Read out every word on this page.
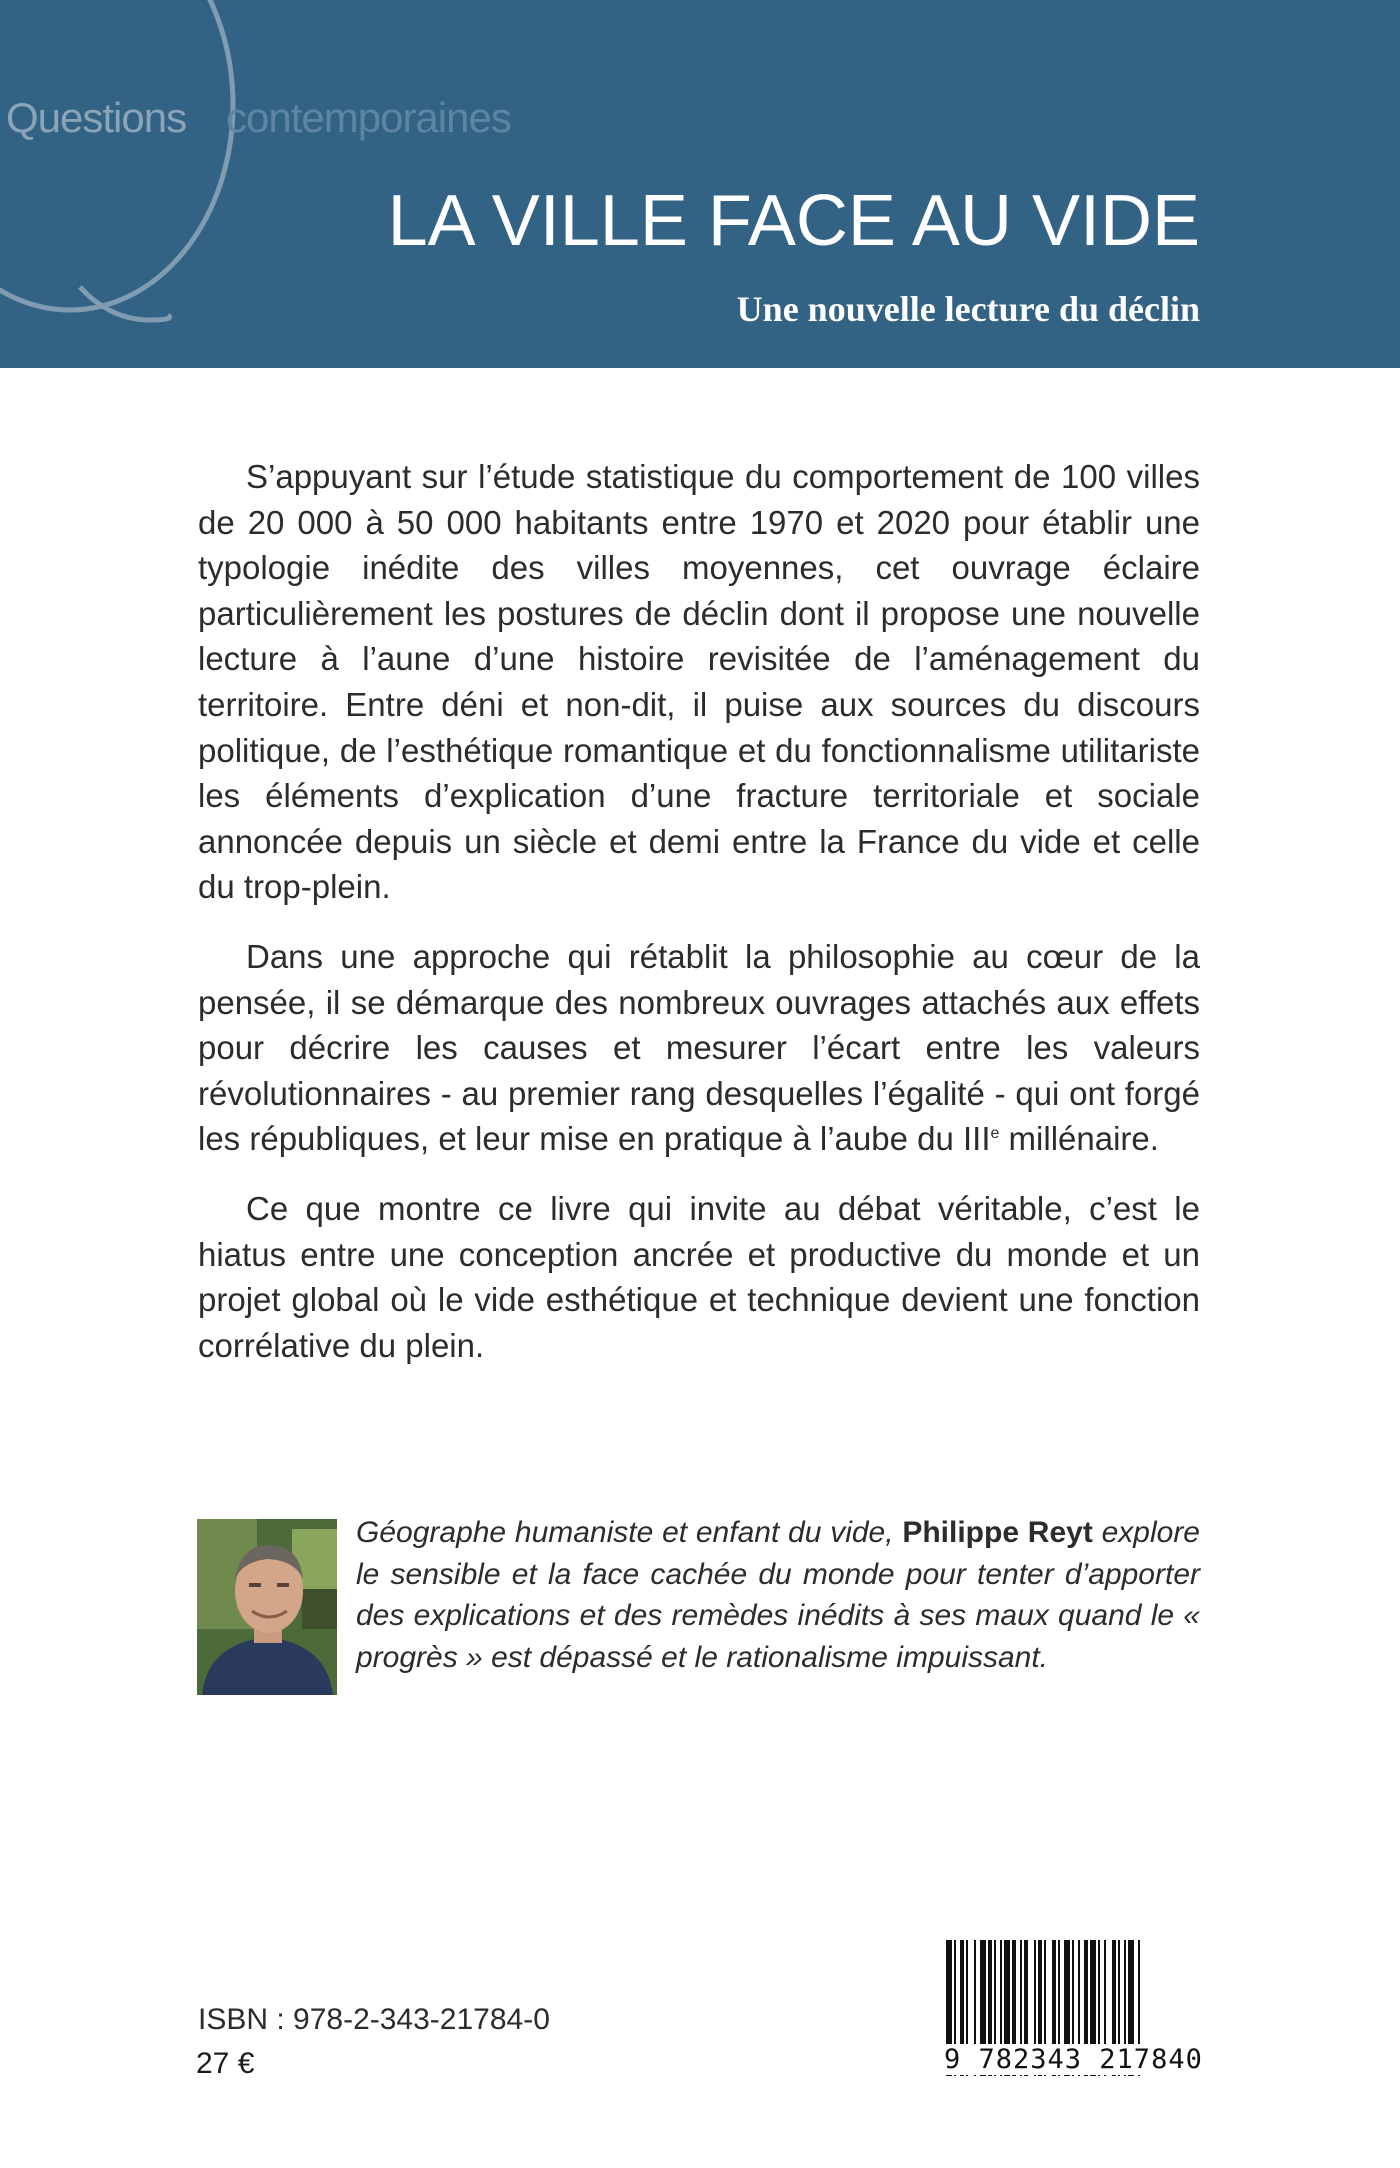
Questions contemporaines
LA VILLE FACE AU VIDE
Une nouvelle lecture du déclin

S’appuyant sur l’étude statistique du comportement de 100 villes de 20 000 à 50 000 habitants entre 1970 et 2020 pour établir une typologie inédite des villes moyennes, cet ouvrage éclaire particulièrement les postures de déclin dont il propose une nouvelle lecture à l’aune d’une histoire revisitée de l’aménagement du territoire. Entre déni et non-dit, il puise aux sources du discours politique, de l’esthétique romantique et du fonctionnalisme utilitariste les éléments d’explication d’une fracture territoriale et sociale annoncée depuis un siècle et demi entre la France du vide et celle du trop-plein.

Dans une approche qui rétablit la philosophie au cœur de la pensée, il se démarque des nombreux ouvrages attachés aux effets pour décrire les causes et mesurer l’écart entre les valeurs révolutionnaires - au premier rang desquelles l’égalité - qui ont forgé les républiques, et leur mise en pratique à l’aube du IIIe millénaire.

Ce que montre ce livre qui invite au débat véritable, c’est le hiatus entre une conception ancrée et productive du monde et un projet global où le vide esthétique et technique devient une fonction corrélative du plein.

Géographe humaniste et enfant du vide, Philippe Reyt explore le sensible et la face cachée du monde pour tenter d’apporter des explications et des remèdes inédits à ses maux quand le « progrès » est dépassé et le rationalisme impuissant.
ISBN : 978-2-343-21784-0
27 €	9 782343 217840
